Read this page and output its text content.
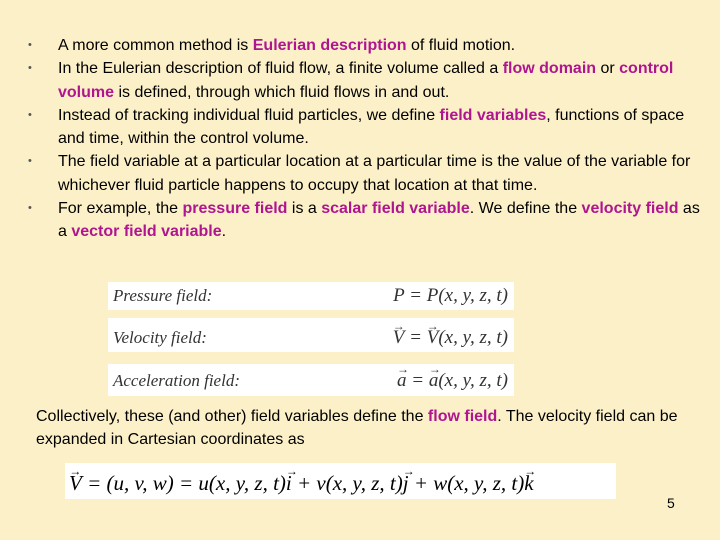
• A more common method is Eulerian description of fluid motion.
• In the Eulerian description of fluid flow, a finite volume called a flow domain or control volume is defined, through which fluid flows in and out.
• Instead of tracking individual fluid particles, we define field variables, functions of space and time, within the control volume.
• The field variable at a particular location at a particular time is the value of the variable for whichever fluid particle happens to occupy that location at that time.
• For example, the pressure field is a scalar field variable. We define the velocity field as a vector field variable.
Pressure field:	P = P(x, y, z, t)
Velocity field:	→ V = → V(x, y, z, t)
Acceleration field:	→ a = → a(x, y, z, t)

Collectively, these (and other) field variables define the flow field. The velocity field can be expanded in Cartesian coordinates as

→ V = (u, v, w) = u(x, y, z, t)→ i + v(x, y, z, t)→ j + w(x, y, z, t)→ k
5
